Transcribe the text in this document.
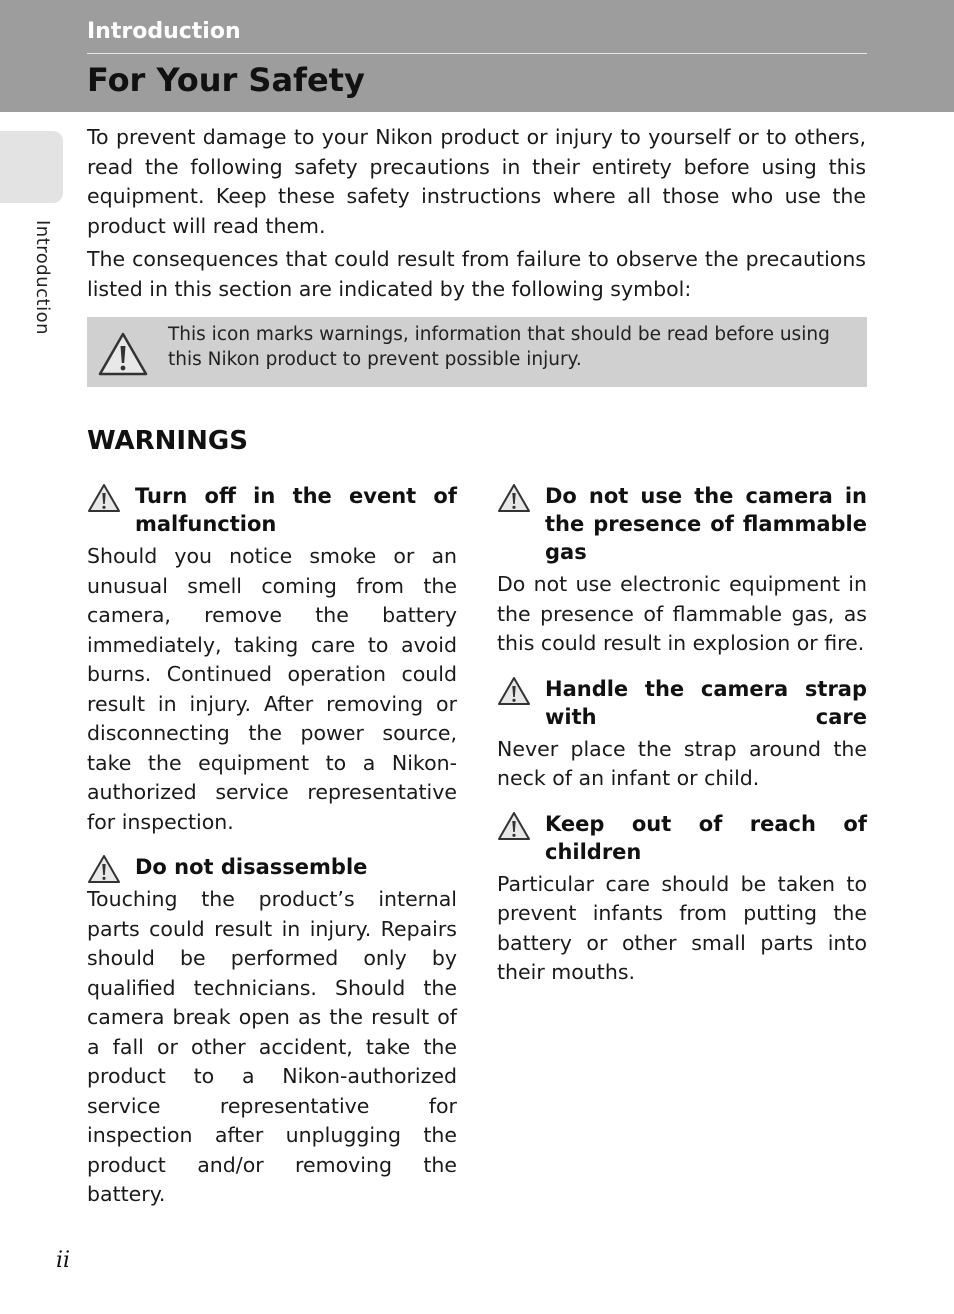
Introduction
For Your Safety
Introduction

To prevent damage to your Nikon product or injury to yourself or to others, read the following safety precautions in their entirety before using this equipment. Keep these safety instructions where all those who use the product will read them.

The consequences that could result from failure to observe the precautions listed in this section are indicated by the following symbol:

This icon marks warnings, information that should be read before using this Nikon product to prevent possible injury.
WARNINGS
Turn off in the event of malfunction

Should you notice smoke or an unusual smell coming from the camera, remove the battery immediately, taking care to avoid burns. Continued operation could result in injury. After removing or disconnecting the power source, take the equipment to a Nikon-authorized service representative for inspection.

Do not disassemble

Touching the product’s internal parts could result in injury. Repairs should be performed only by qualified technicians. Should the camera break open as the result of a fall or other accident, take the product to a Nikon-authorized service representative for inspection after unplugging the product and/or removing the battery.

Do not use the camera in the presence of flammable gas

Do not use electronic equipment in the presence of flammable gas, as this could result in explosion or fire.

Handle the camera strap with care

Never place the strap around the neck of an infant or child.

Keep out of reach of children

Particular care should be taken to prevent infants from putting the battery or other small parts into their mouths.

ii
